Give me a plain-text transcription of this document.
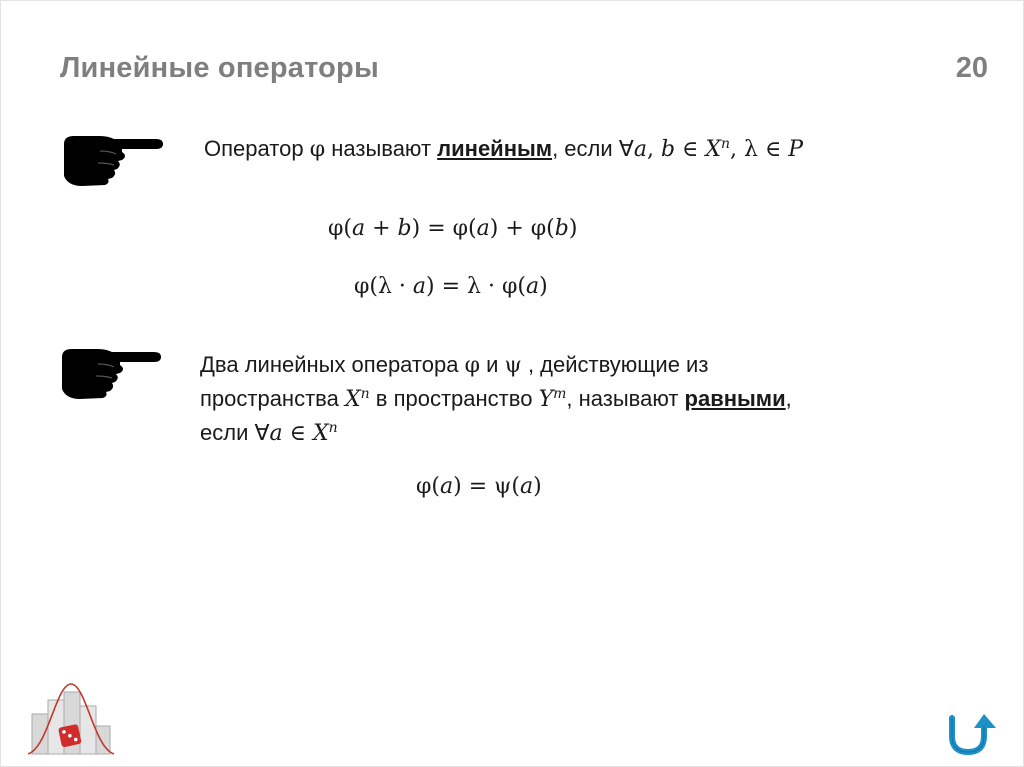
Линейные операторы	20
Оператор φ называют линейным, если ∀a, b ∈ $X^n$, λ ∈ P
φ(a + b) = φ(a) + φ(b)
φ(λ · a) = λ · φ(a)
Два линейных оператора φ и ψ , действующие из
пространства $X^n$ в пространство $Y^m$, называют равными,
если ∀a ∈ $X^n$
φ(a) = ψ(a)
